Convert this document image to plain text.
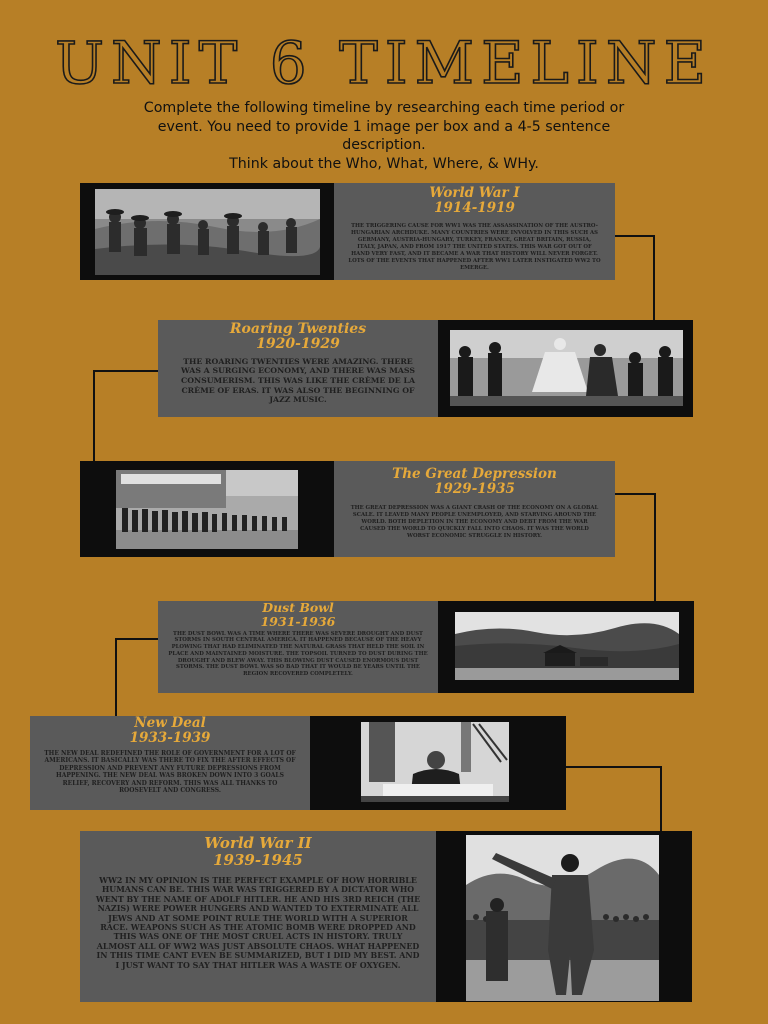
UNIT 6 TIMELINE
Complete the following timeline by researching each time period or
event. You need to provide 1 image per box and a 4-5 sentence
description.
Think about the Who, What, Where, & WHy.
World War I
1914-1919
THE TRIGGERING CAUSE FOR WW1 WAS THE ASSASSINATION OF THE AUSTRO-HUNGARIAN ARCHDUKE. MANY COUNTRIES WERE INVOLVED IN THIS SUCH AS GERMANY, AUSTRIA-HUNGARY, TURKEY, FRANCE, GREAT BRITAIN, RUSSIA, ITALY, JAPAN, AND FROM 1917 THE UNITED STATES. THIS WAR GOT OUT OF HAND VERY FAST, AND IT BECAME A WAR THAT HISTORY WILL NEVER FORGET. LOTS OF THE EVENTS THAT HAPPENED AFTER WW1 LATER INSTIGATED WW2 TO EMERGE.
Roaring Twenties
1920-1929
THE ROARING TWENTIES WERE AMAZING. THERE WAS A SURGING ECONOMY, AND THERE WAS MASS CONSUMERISM. THIS WAS LIKE THE CRÈME DE LA CRÈME OF ERAS. IT WAS ALSO THE BEGINNING OF JAZZ MUSIC.
The Great Depression
1929-1935
THE GREAT DEPRESSION WAS A GIANT CRASH OF THE ECONOMY ON A GLOBAL SCALE. IT LEAVED MANY PEOPLE UNEMPLOYED, AND STARVING AROUND THE WORLD. BOTH DEPLETION IN THE ECONOMY AND DEBT FROM THE WAR CAUSED THE WORLD TO QUICKLY FALL INTO CHAOS. IT WAS THE WORLD WORST ECONOMIC STRUGGLE IN HISTORY.
Dust Bowl
1931-1936
THE DUST BOWL WAS A TIME WHERE THERE WAS SEVERE DROUGHT AND DUST STORMS IN SOUTH CENTRAL AMERICA. IT HAPPENED BECAUSE OF THE HEAVY PLOWING THAT HAD ELIMINATED THE NATURAL GRASS THAT HELD THE SOIL IN PLACE AND MAINTAINED MOISTURE. THE TOPSOIL TURNED TO DUST DURING THE DROUGHT AND BLEW AWAY. THIS BLOWING DUST CAUSED ENORMOUS DUST STORMS. THE DUST BOWL WAS SO BAD THAT IT WOULD BE YEARS UNTIL THE REGION RECOVERED COMPLETELY.
New Deal
1933-1939
THE NEW DEAL REDEFINED THE ROLE OF GOVERNMENT FOR A LOT OF AMERICANS. IT BASICALLY WAS THERE TO FIX THE AFTER EFFECTS OF DEPRESSION AND PREVENT ANY FUTURE DEPRESSIONS FROM HAPPENING. THE NEW DEAL WAS BROKEN DOWN INTO 3 GOALS RELIEF, RECOVERY AND REFORM. THIS WAS ALL THANKS TO ROOSEVELT AND CONGRESS.
World War II
1939-1945
WW2 IN MY OPINION IS THE PERFECT EXAMPLE OF HOW HORRIBLE HUMANS CAN BE. THIS WAR WAS TRIGGERED BY A DICTATOR WHO WENT BY THE NAME OF ADOLF HITLER. HE AND HIS 3RD REICH (THE NAZIS) WERE POWER HUNGERS AND WANTED TO EXTERMINATE ALL JEWS AND AT SOME POINT RULE THE WORLD WITH A SUPERIOR RACE. WEAPONS SUCH AS THE ATOMIC BOMB WERE DROPPED AND THIS WAS ONE OF THE MOST CRUEL ACTS IN HISTORY. TRULY ALMOST ALL OF WW2 WAS JUST ABSOLUTE CHAOS. WHAT HAPPENED IN THIS TIME CANT EVEN BE SUMMARIZED, BUT I DID MY BEST. AND I JUST WANT TO SAY THAT HITLER WAS A WASTE OF OXYGEN.
